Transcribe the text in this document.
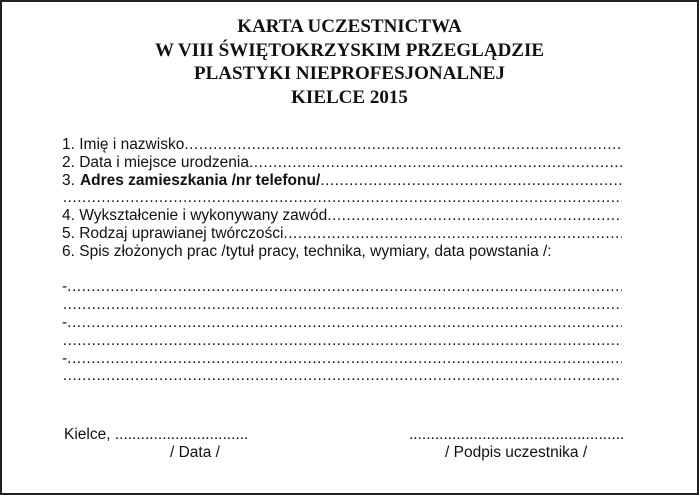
KARTA UCZESTNICTWA
W VIII ŚWIĘTOKRZYSKIM PRZEGLĄDZIE
PLASTYKI NIEPROFESJONALNEJ
KIELCE 2015
1. Imię i nazwisko
.....
2. Data i miejsce urodzenia
.....
3. Adres zamieszkania /nr telefonu/
.....
.....
4. Wykształcenie i wykonywany zawód
.....
5. Rodzaj uprawianej twórczości
.....
6. Spis złożonych prac /tytuł pracy, technika, wymiary, data powstania /:
-
.....
.....
-
.....
.....
-
.....
.....
Kielce, ...............................	..................................................
/ Data /	/ Podpis uczestnika /
